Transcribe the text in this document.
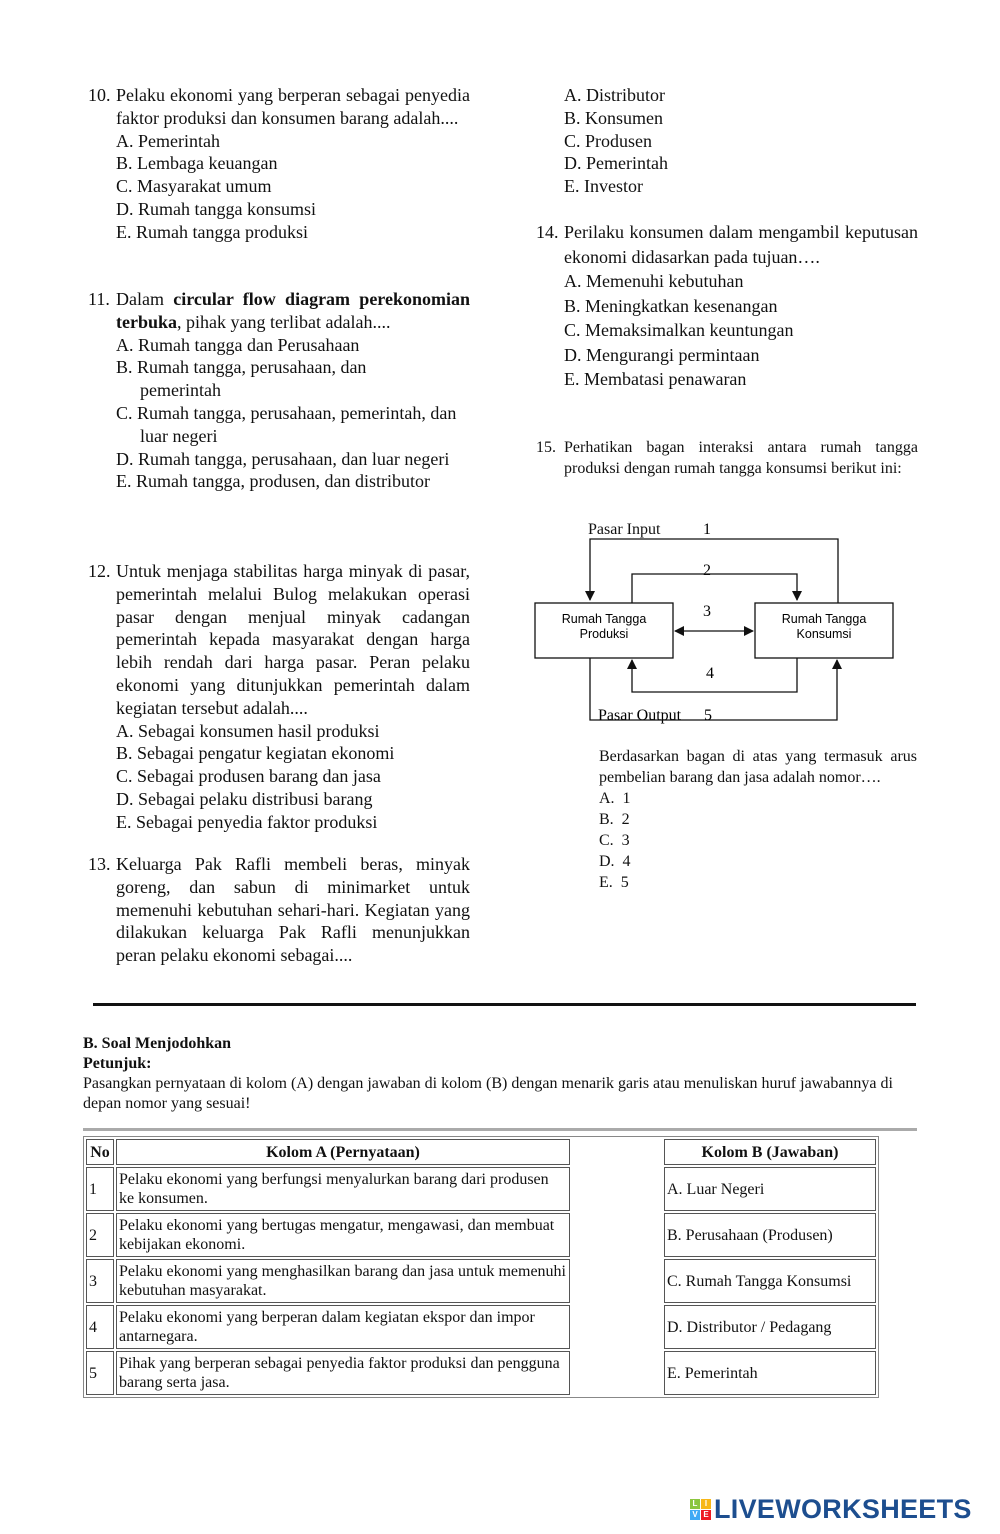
10. Pelaku ekonomi yang berperan sebagai penyedia faktor produksi dan konsumen barang adalah....
A. Pemerintah
B. Lembaga keuangan
C. Masyarakat umum
D. Rumah tangga konsumsi
E. Rumah tangga produksi
11. Dalam circular flow diagram perekonomian terbuka, pihak yang terlibat adalah....
A. Rumah tangga dan Perusahaan
B. Rumah tangga, perusahaan, dan pemerintah
C. Rumah tangga, perusahaan, pemerintah, dan luar negeri
D. Rumah tangga, perusahaan, dan luar negeri
E. Rumah tangga, produsen, dan distributor
12. Untuk menjaga stabilitas harga minyak di pasar, pemerintah melalui Bulog melakukan operasi pasar dengan menjual minyak cadangan pemerintah kepada masyarakat dengan harga lebih rendah dari harga pasar. Peran pelaku ekonomi yang ditunjukkan pemerintah dalam kegiatan tersebut adalah....
A. Sebagai konsumen hasil produksi
B. Sebagai pengatur kegiatan ekonomi
C. Sebagai produsen barang dan jasa
D. Sebagai pelaku distribusi barang
E. Sebagai penyedia faktor produksi
13. Keluarga Pak Rafli membeli beras, minyak goreng, dan sabun di minimarket untuk memenuhi kebutuhan sehari-hari. Kegiatan yang dilakukan keluarga Pak Rafli menunjukkan peran pelaku ekonomi sebagai....
A. Distributor
B. Konsumen
C. Produsen
D. Pemerintah
E. Investor
14. Perilaku konsumen dalam mengambil keputusan ekonomi didasarkan pada tujuan….
A. Memenuhi kebutuhan
B. Meningkatkan kesenangan
C. Memaksimalkan keuntungan
D. Mengurangi permintaan
E. Membatasi penawaran
15. Perhatikan bagan interaksi antara rumah tangga produksi dengan rumah tangga konsumsi berikut ini:
Pasar Input	1
2
Rumah Tangga
Produksi
Rumah Tangga
Konsumsi
3
4
Pasar Output 5
Berdasarkan bagan di atas yang termasuk arus pembelian barang dan jasa adalah nomor….
A.  1
B.  2
C.  3
D.  4
E.  5
B. Soal Menjodohkan
Petunjuk:
Pasangkan pernyataan di kolom (A) dengan jawaban di kolom (B) dengan menarik garis atau menuliskan huruf jawabannya di depan nomor yang sesuai!
No	Kolom A (Pernyataan)		Kolom B (Jawaban)
1	Pelaku ekonomi yang berfungsi menyalurkan barang dari produsen ke konsumen.		A. Luar Negeri
2	Pelaku ekonomi yang bertugas mengatur, mengawasi, dan membuat kebijakan ekonomi.		B. Perusahaan (Produsen)
3	Pelaku ekonomi yang menghasilkan barang dan jasa untuk memenuhi kebutuhan masyarakat.		C. Rumah Tangga Konsumsi
4	Pelaku ekonomi yang berperan dalam kegiatan ekspor dan impor antarnegara.		D. Distributor / Pedagang
5	Pihak yang berperan sebagai penyedia faktor produksi dan pengguna barang serta jasa.		E. Pemerintah
L I
V E LIVEWORKSHEETS
